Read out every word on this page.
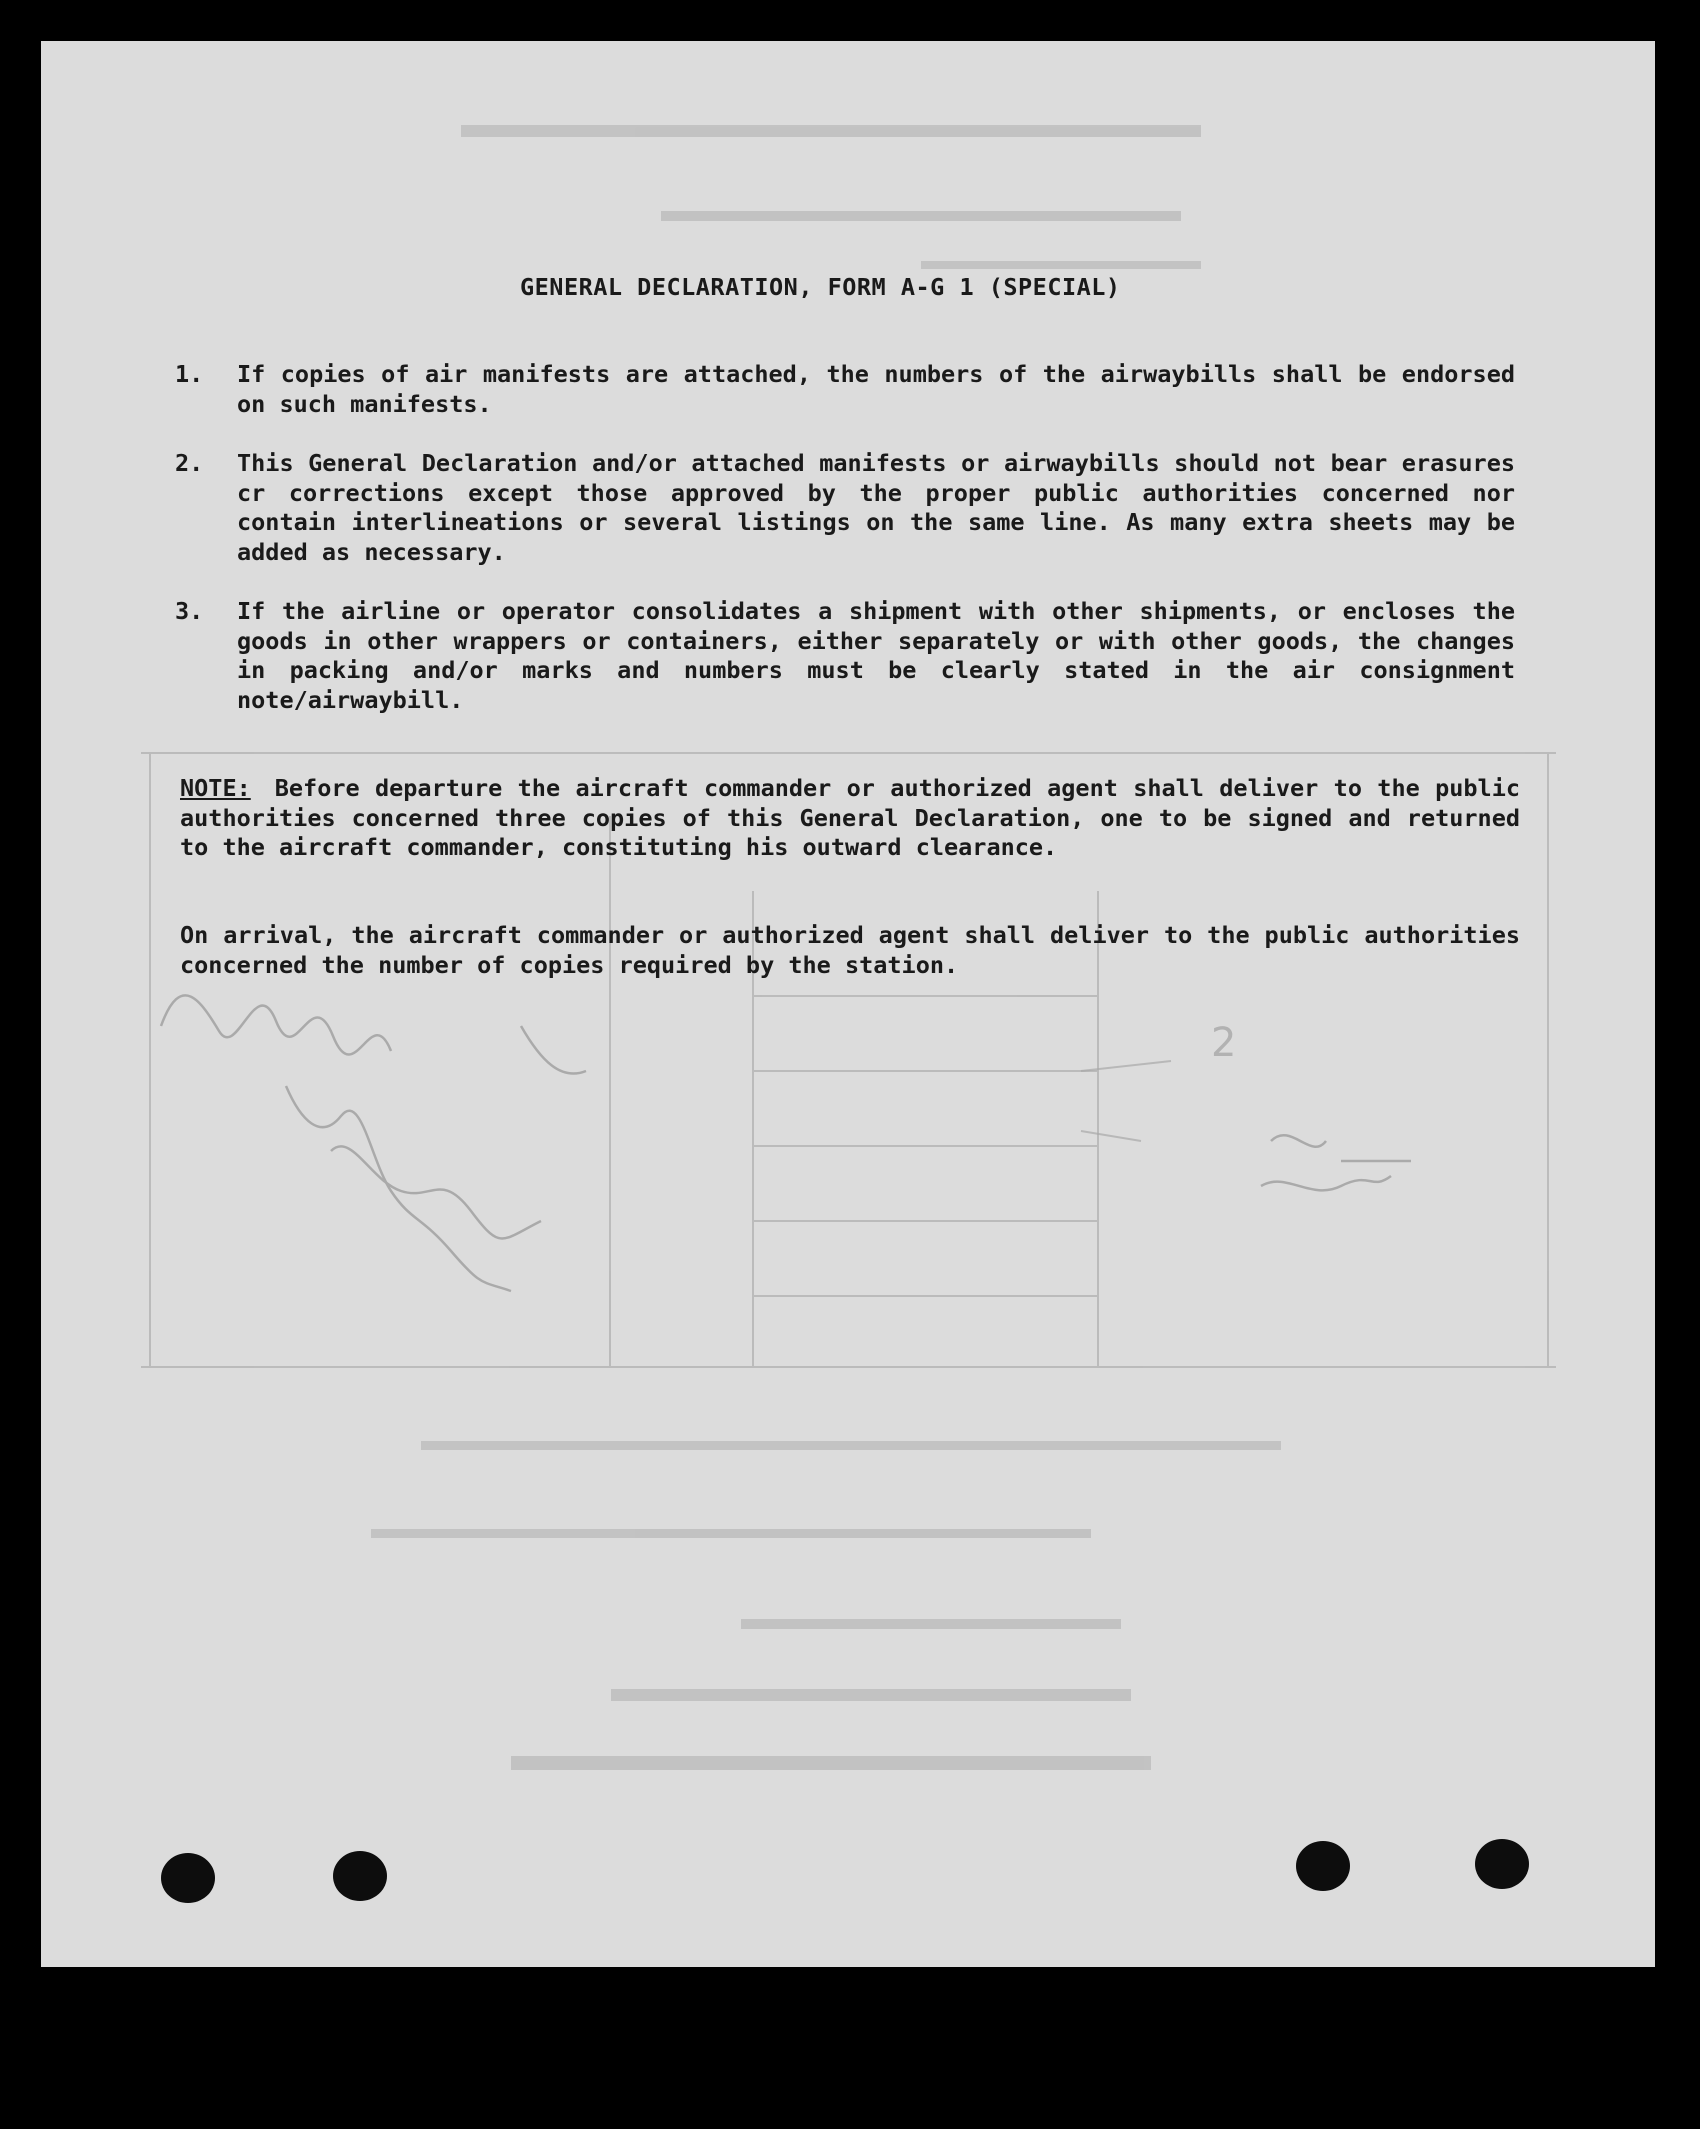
2
GENERAL DECLARATION, FORM A-G 1 (SPECIAL)
1.	If copies of air manifests are attached, the numbers of the airwaybills shall be endorsed on such manifests.
2.	This General Declaration and/or attached manifests or airwaybills should not bear erasures cr corrections except those approved by the proper public authorities concerned nor contain interlineations or several listings on the same line. As many extra sheets may be added as necessary.
3.	If the airline or operator consolidates a shipment with other shipments, or encloses the goods in other wrappers or containers, either separately or with other goods, the changes in packing and/or marks and numbers must be clearly stated in the air consignment note/airwaybill.
NOTE: Before departure the aircraft commander or authorized agent shall deliver to the public authorities concerned three copies of this General Declaration, one to be signed and returned to the aircraft commander, constituting his outward clearance.
On arrival, the aircraft commander or authorized agent shall deliver to the public authorities concerned the number of copies required by the station.
